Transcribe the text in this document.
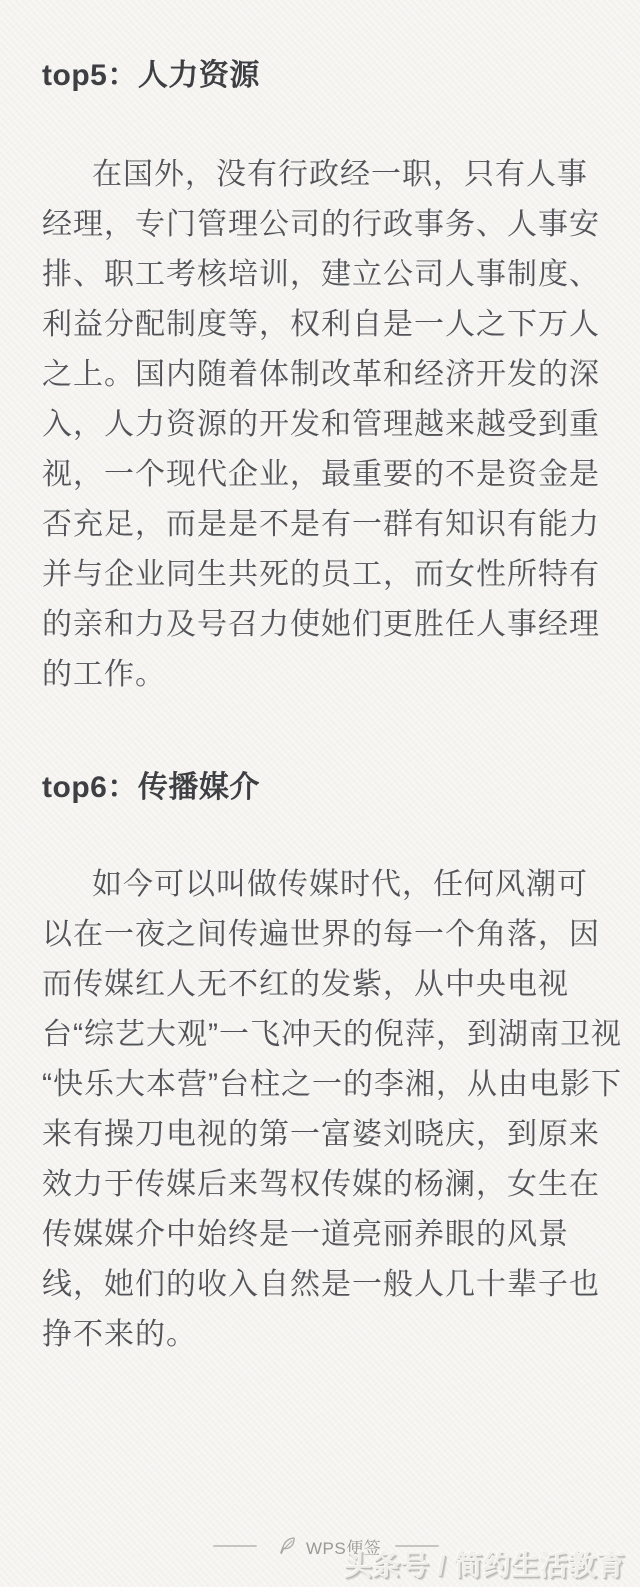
top5：人力资源
在国外，没有行政经一职，只有人事
经理，专门管理公司的行政事务、人事安
排、职工考核培训，建立公司人事制度、
利益分配制度等，权利自是一人之下万人
之上。国内随着体制改革和经济开发的深
入，人力资源的开发和管理越来越受到重
视，一个现代企业，最重要的不是资金是
否充足，而是是不是有一群有知识有能力
并与企业同生共死的员工，而女性所特有
的亲和力及号召力使她们更胜任人事经理
的工作。
top6：传播媒介
如今可以叫做传媒时代，任何风潮可
以在一夜之间传遍世界的每一个角落，因
而传媒红人无不红的发紫，从中央电视
台“综艺大观”一飞冲天的倪萍，到湖南卫视
“快乐大本营”台柱之一的李湘，从由电影下
来有操刀电视的第一富婆刘晓庆，到原来
效力于传媒后来驾权传媒的杨澜，女生在
传媒媒介中始终是一道亮丽养眼的风景
线，她们的收入自然是一般人几十辈子也
挣不来的。
WPS便签
头条号 / 简约生活教育
